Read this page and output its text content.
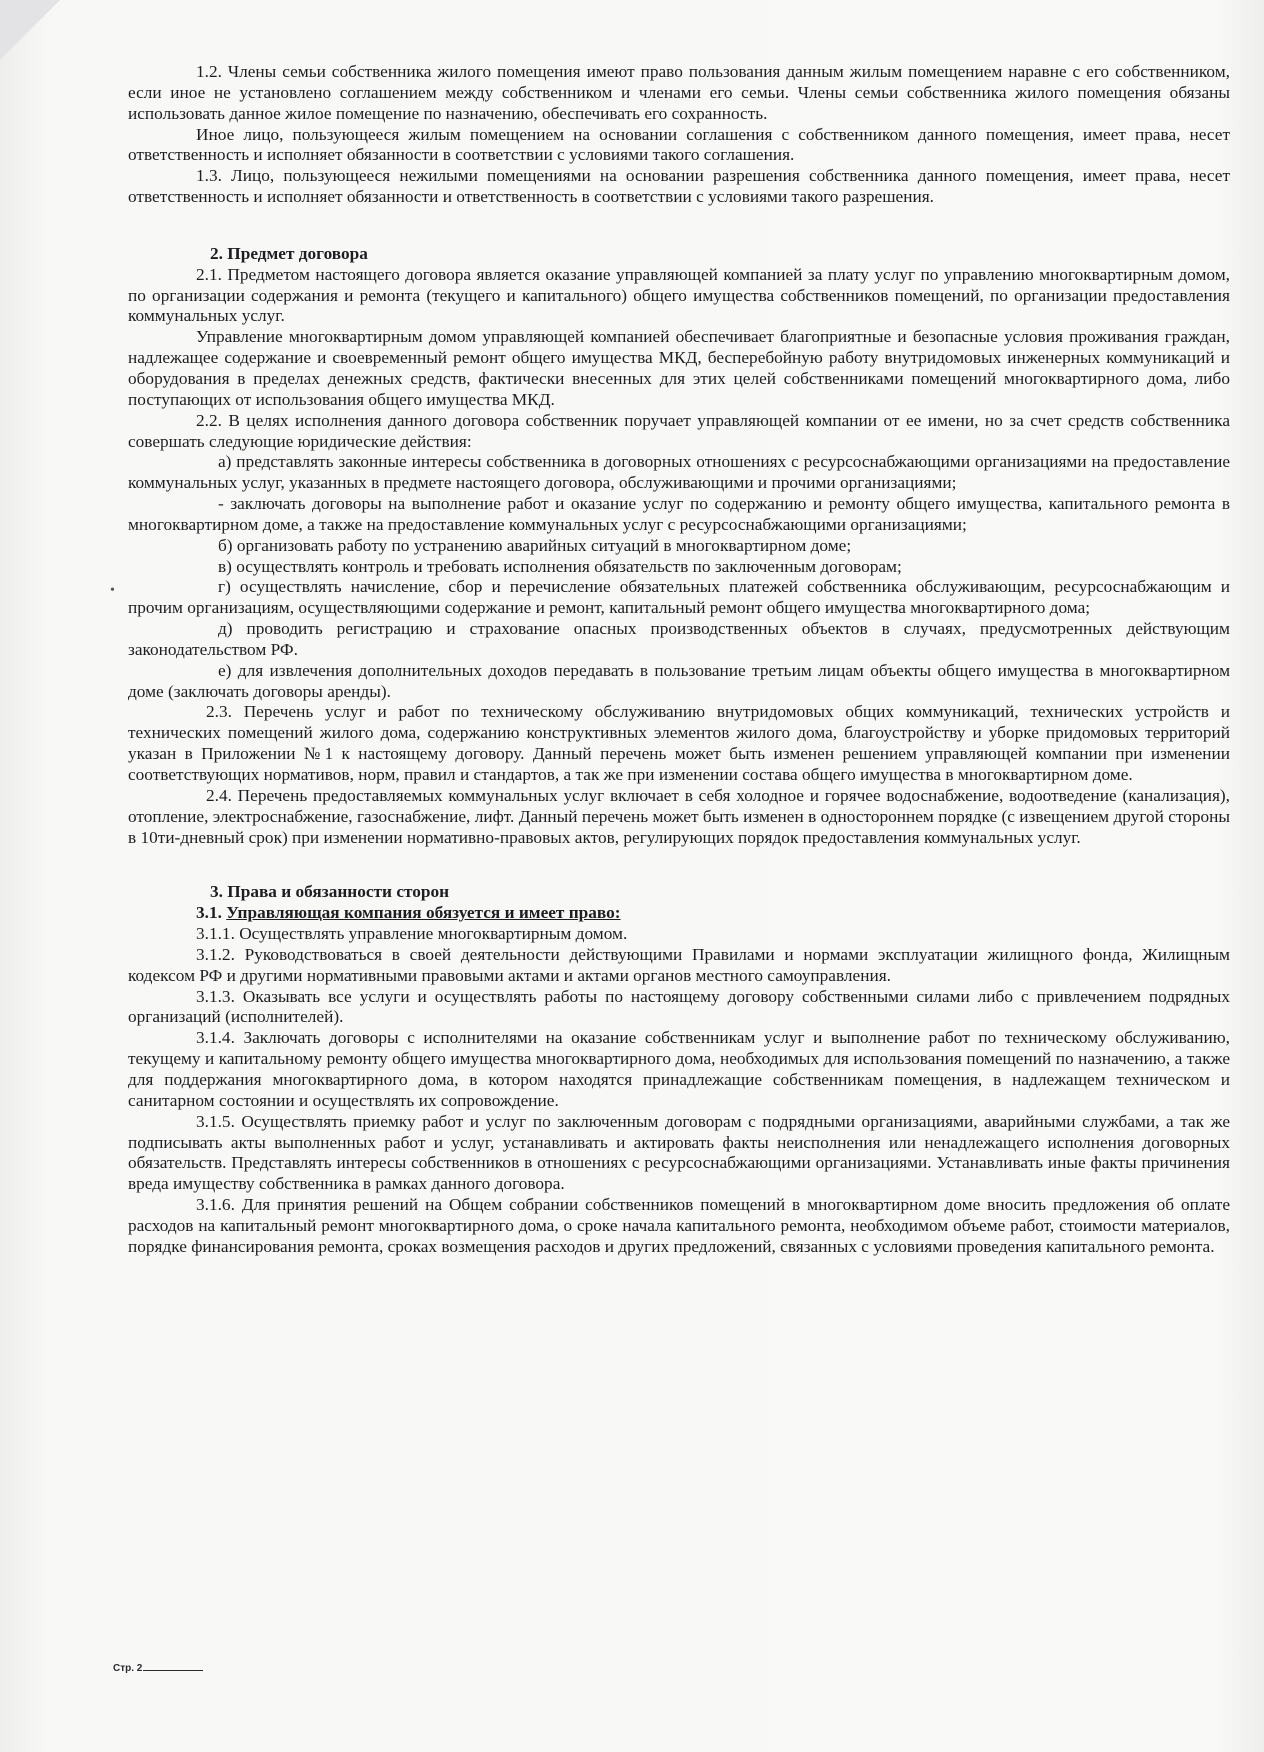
1.2. Члены семьи собственника жилого помещения имеют право пользования данным жилым помещением наравне с его собственником, если иное не установлено соглашением между собственником и членами его семьи. Члены семьи собственника жилого помещения обязаны использовать данное жилое помещение по назначению, обеспечивать его сохранность.

Иное лицо, пользующееся жилым помещением на основании соглашения с собственником данного помещения, имеет права, несет ответственность и исполняет обязанности в соответствии с условиями такого соглашения.

1.3. Лицо, пользующееся нежилыми помещениями на основании разрешения собственника данного помещения, имеет права, несет ответственность и исполняет обязанности и ответственность в соответствии с условиями такого разрешения.

2. Предмет договора

2.1. Предметом настоящего договора является оказание управляющей компанией за плату услуг по управлению многоквартирным домом, по организации содержания и ремонта (текущего и капитального) общего имущества собственников помещений, по организации предоставления коммунальных услуг.

Управление многоквартирным домом управляющей компанией обеспечивает благоприятные и безопасные условия проживания граждан, надлежащее содержание и своевременный ремонт общего имущества МКД, бесперебойную работу внутридомовых инженерных коммуникаций и оборудования в пределах денежных средств, фактически внесенных для этих целей собственниками помещений многоквартирного дома, либо поступающих от использования общего имущества МКД.

2.2. В целях исполнения данного договора собственник поручает управляющей компании от ее имени, но за счет средств собственника совершать следующие юридические действия:

а) представлять законные интересы собственника в договорных отношениях с ресурсоснабжающими организациями на предоставление коммунальных услуг, указанных в предмете настоящего договора, обслуживающими и прочими организациями;

- заключать договоры на выполнение работ и оказание услуг по содержанию и ремонту общего имущества, капитального ремонта в многоквартирном доме, а также на предоставление коммунальных услуг с ресурсоснабжающими организациями;

б) организовать работу по устранению аварийных ситуаций в многоквартирном доме;

в) осуществлять контроль и требовать исполнения обязательств по заключенным договорам;

г) осуществлять начисление, сбор и перечисление обязательных платежей собственника обслуживающим, ресурсоснабжающим и прочим организациям, осуществляющими содержание и ремонт, капитальный ремонт общего имущества многоквартирного дома;

д) проводить регистрацию и страхование опасных производственных объектов в случаях, предусмотренных действующим законодательством РФ.

е) для извлечения дополнительных доходов передавать в пользование третьим лицам объекты общего имущества в многоквартирном доме (заключать договоры аренды).

2.3. Перечень услуг и работ по техническому обслуживанию внутридомовых общих коммуникаций, технических устройств и технических помещений жилого дома, содержанию конструктивных элементов жилого дома, благоустройству и уборке придомовых территорий указан в Приложении №1 к настоящему договору. Данный перечень может быть изменен решением управляющей компании при изменении соответствующих нормативов, норм, правил и стандартов, а так же при изменении состава общего имущества в многоквартирном доме.

2.4. Перечень предоставляемых коммунальных услуг включает в себя холодное и горячее водоснабжение, водоотведение (канализация), отопление, электроснабжение, газоснабжение, лифт. Данный перечень может быть изменен в одностороннем порядке (с извещением другой стороны в 10ти-дневный срок) при изменении нормативно-правовых актов, регулирующих порядок предоставления коммунальных услуг.

3. Права и обязанности сторон
3.1. Управляющая компания обязуется и имеет право:

3.1.1. Осуществлять управление многоквартирным домом.

3.1.2. Руководствоваться в своей деятельности действующими Правилами и нормами эксплуатации жилищного фонда, Жилищным кодексом РФ и другими нормативными правовыми актами и актами органов местного самоуправления.

3.1.3. Оказывать все услуги и осуществлять работы по настоящему договору собственными силами либо с привлечением подрядных организаций (исполнителей).

3.1.4. Заключать договоры с исполнителями на оказание собственникам услуг и выполнение работ по техническому обслуживанию, текущему и капитальному ремонту общего имущества многоквартирного дома, необходимых для использования помещений по назначению, а также для поддержания многоквартирного дома, в котором находятся принадлежащие собственникам помещения, в надлежащем техническом и санитарном состоянии и осуществлять их сопровождение.

3.1.5. Осуществлять приемку работ и услуг по заключенным договорам с подрядными организациями, аварийными службами, а так же подписывать акты выполненных работ и услуг, устанавливать и актировать факты неисполнения или ненадлежащего исполнения договорных обязательств. Представлять интересы собственников в отношениях с ресурсоснабжающими организациями. Устанавливать иные факты причинения вреда имуществу собственника в рамках данного договора.

3.1.6. Для принятия решений на Общем собрании собственников помещений в многоквартирном доме вносить предложения об оплате расходов на капитальный ремонт многоквартирного дома, о сроке начала капитального ремонта, необходимом объеме работ, стоимости материалов, порядке финансирования ремонта, сроках возмещения расходов и других предложений, связанных с условиями проведения капитального ремонта.

•
Стр. 2
